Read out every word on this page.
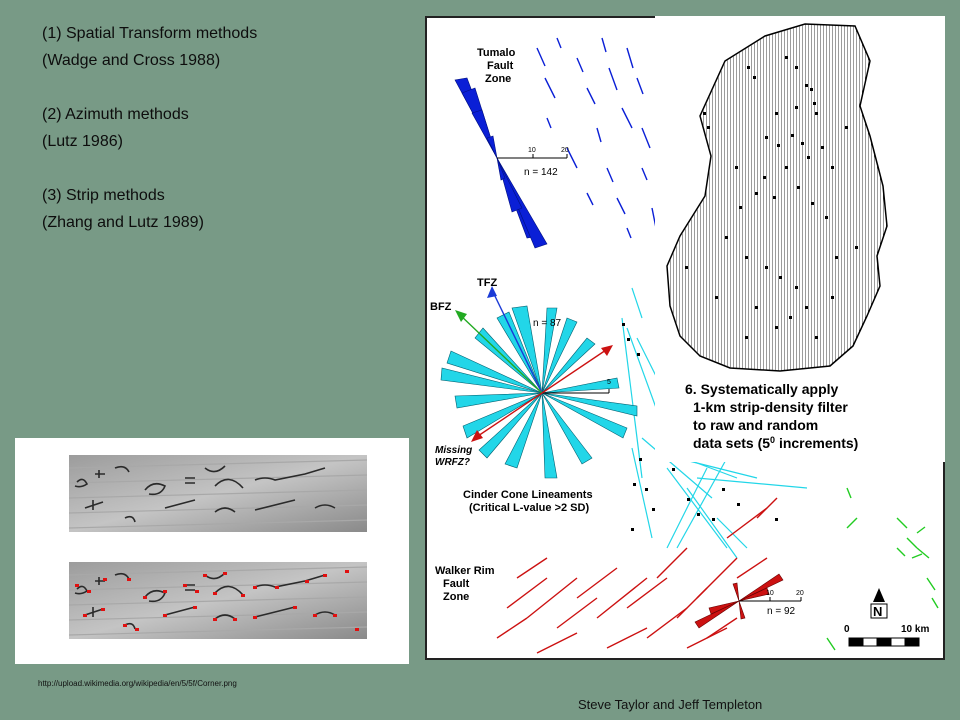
(1) Spatial Transform methods
(Wadge and Cross 1988)
(2) Azimuth methods
(Lutz 1986)
(3) Strip methods
(Zhang and Lutz 1989)
http://upload.wikimedia.org/wikipedia/en/5/5f/Corner.png
Steve Taylor and Jeff Templeton
10	20
n = 142
Tumalo
Fault
Zone
5
n = 87
TFZ
BFZ
Missing
WRFZ?
Cinder Cone Lineaments
(Critical L-value >2 SD)
10	20
n = 92
Walker Rim
Fault
Zone
N
0	10 km
6. Systematically apply
1-km strip-density filter
to raw and random
data sets ($5^0$ increments)
